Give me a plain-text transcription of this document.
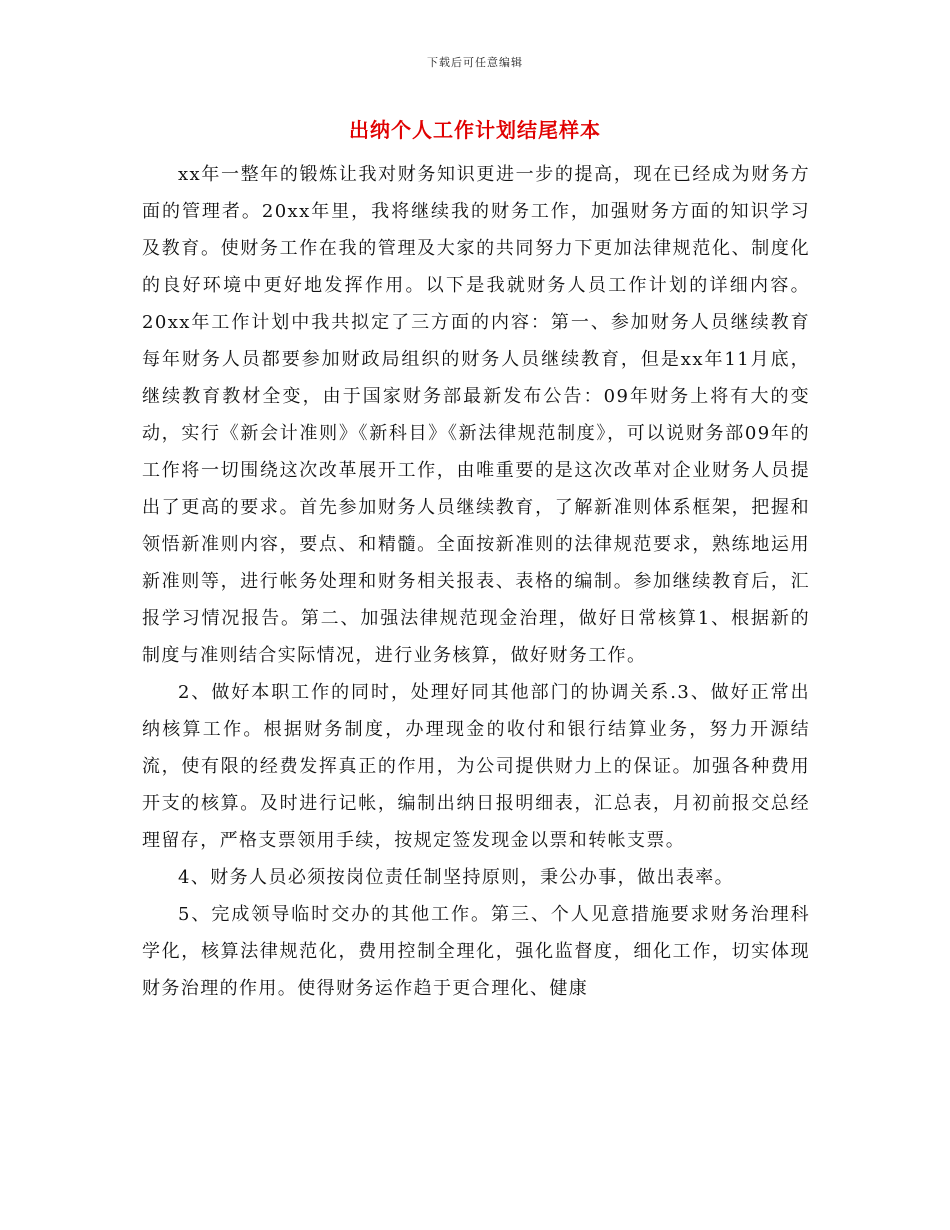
下载后可任意编辑
出纳个人工作计划结尾样本

xx年一整年的锻炼让我对财务知识更进一步的提高，现在已经成为财务方面的管理者。20xx年里，我将继续我的财务工作，加强财务方面的知识学习及教育。使财务工作在我的管理及大家的共同努力下更加法律规范化、制度化的良好环境中更好地发挥作用。以下是我就财务人员工作计划的详细内容。20xx年工作计划中我共拟定了三方面的内容：第一、参加财务人员继续教育每年财务人员都要参加财政局组织的财务人员继续教育，但是xx年11月底，继续教育教材全变，由于国家财务部最新发布公告：09年财务上将有大的变动，实行《新会计准则》《新科目》《新法律规范制度》，可以说财务部09年的工作将一切围绕这次改革展开工作，由唯重要的是这次改革对企业财务人员提出了更高的要求。首先参加财务人员继续教育，了解新准则体系框架，把握和领悟新准则内容，要点、和精髓。全面按新准则的法律规范要求，熟练地运用新准则等，进行帐务处理和财务相关报表、表格的编制。参加继续教育后，汇报学习情况报告。第二、加强法律规范现金治理，做好日常核算1、根据新的制度与准则结合实际情况，进行业务核算，做好财务工作。

2、做好本职工作的同时，处理好同其他部门的协调关系.3、做好正常出纳核算工作。根据财务制度，办理现金的收付和银行结算业务，努力开源结流，使有限的经费发挥真正的作用，为公司提供财力上的保证。加强各种费用开支的核算。及时进行记帐，编制出纳日报明细表，汇总表，月初前报交总经理留存，严格支票领用手续，按规定签发现金以票和转帐支票。

4、财务人员必须按岗位责任制坚持原则，秉公办事，做出表率。

5、完成领导临时交办的其他工作。第三、个人见意措施要求财务治理科学化，核算法律规范化，费用控制全理化，强化监督度，细化工作，切实体现财务治理的作用。使得财务运作趋于更合理化、健康
